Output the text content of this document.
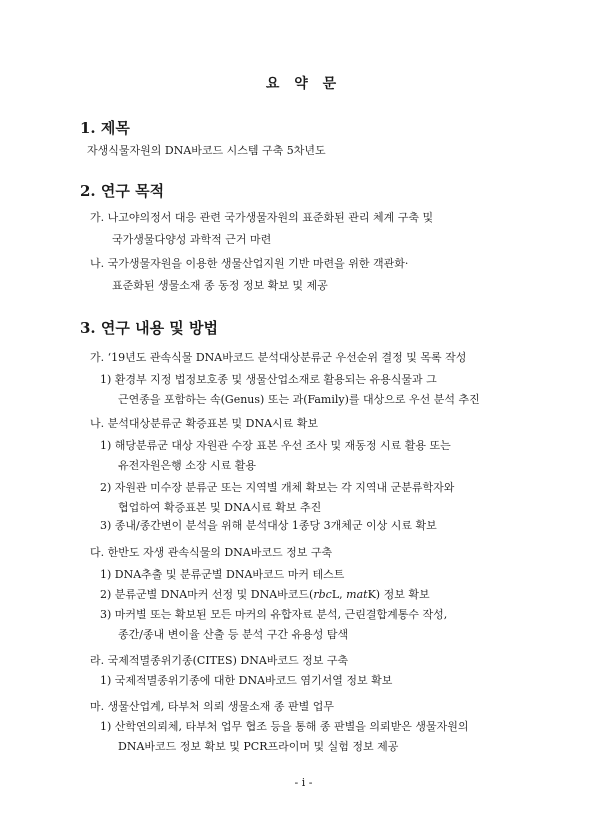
요 약 문
1. 제목
자생식물자원의 DNA바코드 시스템 구축 5차년도
2. 연구 목적
가. 나고야의정서 대응 관련 국가생물자원의 표준화된 관리 체계 구축 및
국가생물다양성 과학적 근거 마련
나. 국가생물자원을 이용한 생물산업지원 기반 마련을 위한 객관화·
표준화된 생물소재 종 동정 정보 확보 및 제공
3. 연구 내용 및 방법
가. ‘19년도 관속식물 DNA바코드 분석대상분류군 우선순위 결정 및 목록 작성
1) 환경부 지정 법정보호종 및 생물산업소재로 활용되는 유용식물과 그
근연종을 포함하는 속(Genus) 또는 과(Family)를 대상으로 우선 분석 추진
나. 분석대상분류군 확증표본 및 DNA시료 확보
1) 해당분류군 대상 자원관 수장 표본 우선 조사 및 재동정 시료 활용 또는
유전자원은행 소장 시료 활용
2) 자원관 미수장 분류군 또는 지역별 개체 확보는 각 지역내 군분류학자와
협업하여 확증표본 및 DNA시료 확보 추진
3) 종내/종간변이 분석을 위해 분석대상 1종당 3개체군 이상 시료 확보
다. 한반도 자생 관속식물의 DNA바코드 정보 구축
1) DNA추출 및 분류군별 DNA바코드 마커 테스트
2) 분류군별 DNA마커 선정 및 DNA바코드(rbcL, matK) 정보 확보
3) 마커별 또는 확보된 모든 마커의 유합자료 분석, 근린결합계통수 작성,
종간/종내 변이율 산출 등 분석 구간 유용성 탐색
라. 국제적멸종위기종(CITES) DNA바코드 정보 구축
1) 국제적멸종위기종에 대한 DNA바코드 염기서열 정보 확보
마. 생물산업계, 타부처 의뢰 생물소재 종 판별 업무
1) 산학연의뢰체, 타부처 업무 협조 등을 통해 종 판별을 의뢰받은 생물자원의
DNA바코드 정보 확보 및 PCR프라이머 및 실험 정보 제공
- i -
